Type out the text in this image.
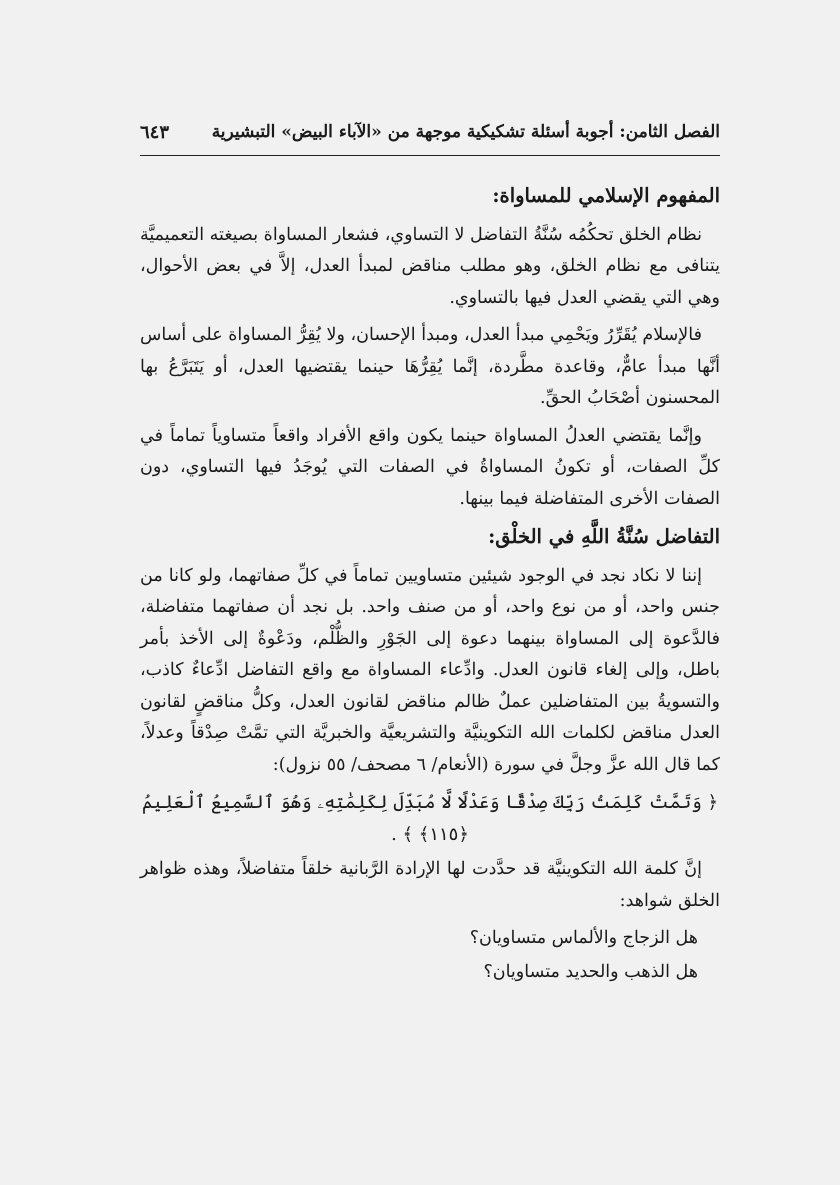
الفصل الثامن: أجوبة أسئلة تشكيكية موجهة من «الآباء البيض» التبشيرية
٦٤٣
المفهوم الإسلامي للمساواة:

نظام الخلق تحكُمُه سُنَّةُ التفاضل لا التساوي، فشعار المساواة بصيغته التعميميَّة يتنافى مع نظام الخلق، وهو مطلب مناقض لمبدأ العدل، إلاَّ في بعض الأحوال، وهي التي يقضي العدل فيها بالتساوي.

فالإسلام يُقَرِّرُ ويَحْمِي مبدأ العدل، ومبدأ الإحسان، ولا يُقِرُّ المساواة على أساس أنَّها مبدأ عامٌّ، وقاعدة مطَّردة، إنَّما يُقِرُّهَا حينما يقتضيها العدل، أو يَتَبَرَّعُ بها المحسنون أصْحَابُ الحقِّ.

وإنَّما يقتضي العدلُ المساواة حينما يكون واقع الأفراد واقعاً متساوياً تماماً في كلِّ الصفات، أو تكونُ المساواةُ في الصفات التي يُوجَدُ فيها التساوي، دون الصفات الأخرى المتفاضلة فيما بينها.

التفاضل سُنَّةُ اللَّهِ في الخلْق:

إننا لا نكاد نجد في الوجود شيئين متساويين تماماً في كلِّ صفاتهما، ولو كانا من جنس واحد، أو من نوع واحد، أو من صنف واحد. بل نجد أن صفاتهما متفاضلة، فالدَّعوة إلى المساواة بينهما دعوة إلى الجَوْرِ والظُّلْم، ودَعْوةٌ إلى الأخذ بأمر باطل، وإلى إلغاء قانون العدل. وادِّعاء المساواة مع واقع التفاضل ادِّعاءٌ كاذب، والتسويةُ بين المتفاضلين عملٌ ظالم مناقض لقانون العدل، وكلُّ مناقضٍ لقانون العدل مناقض لكلمات الله التكوينيَّة والتشريعيَّة والخبريَّة التي تمَّتْ صِدْقاً وعدلاً، كما قال الله عزَّ وجلَّ في سورة (الأنعام/ ٦ مصحف/ ٥٥ نزول):

﴿ وَتَمَّتْ كَلِمَتُ رَبِّكَ صِدْقًا وَعَدْلًا لَّا مُبَدِّلَ لِكَلِمَٰتِهِۦ وَهُوَ ٱلسَّمِيعُ ٱلْعَلِيمُ ﴿١١٥﴾ ﴾ .

إنَّ كلمة الله التكوينيَّة قد حدَّدت لها الإرادة الرَّبانية خلقاً متفاضلاً، وهذه ظواهر الخلق شواهد:

هل الزجاج والألماس متساويان؟
هل الذهب والحديد متساويان؟
